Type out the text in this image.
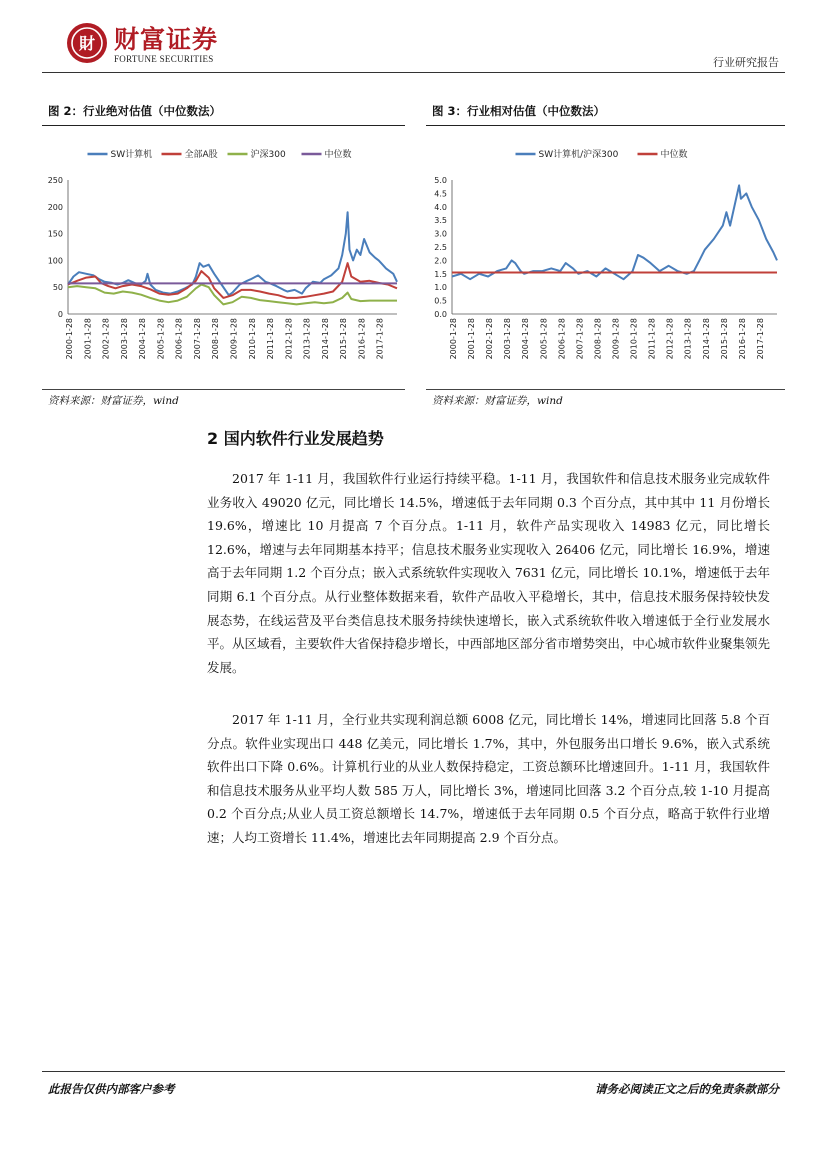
財 财富证券
FORTUNE SECURITIES	行业研究报告
图 2：行业绝对估值（中位数法）
SW计算机	全部A股	沪深300	中位数
0
50
100
150
200
250
2000-1-28 2001-1-28 2002-1-28 2003-1-28 2004-1-28 2005-1-28 2006-1-28 2007-1-28 2008-1-28 2009-1-28 2010-1-28 2011-1-28 2012-1-28 2013-1-28 2014-1-28 2015-1-28 2016-1-28 2017-1-28
资料来源：财富证券，wind
图 3：行业相对估值（中位数法）
SW计算机/沪深300	中位数
0.0
0.5
1.0
1.5
2.0
2.5
3.0
3.5
4.0
4.5
5.0
2000-1-28 2001-1-28 2002-1-28 2003-1-28 2004-1-28 2005-1-28 2006-1-28 2007-1-28 2008-1-28 2009-1-28 2010-1-28 2011-1-28 2012-1-28 2013-1-28 2014-1-28 2015-1-28 2016-1-28 2017-1-28
资料来源：财富证券，wind
2 国内软件行业发展趋势
2017 年 1-11 月，我国软件行业运行持续平稳。1-11 月，我国软件和信息技术服务业完成软件业务收入 49020 亿元，同比增长 14.5%，增速低于去年同期 0.3 个百分点，其中其中 11 月份增长 19.6%，增速比 10 月提高 7 个百分点。1-11 月，软件产品实现收入 14983 亿元，同比增长 12.6%，增速与去年同期基本持平；信息技术服务业实现收入 26406 亿元，同比增长 16.9%，增速高于去年同期 1.2 个百分点；嵌入式系统软件实现收入 7631 亿元，同比增长 10.1%，增速低于去年同期 6.1 个百分点。从行业整体数据来看，软件产品收入平稳增长，其中，信息技术服务保持较快发展态势，在线运营及平台类信息技术服务持续快速增长，嵌入式系统软件收入增速低于全行业发展水平。从区域看，主要软件大省保持稳步增长，中西部地区部分省市增势突出，中心城市软件业聚集领先发展。
2017 年 1-11 月，全行业共实现利润总额 6008 亿元，同比增长 14%，增速同比回落 5.8 个百分点。软件业实现出口 448 亿美元，同比增长 1.7%，其中，外包服务出口增长 9.6%，嵌入式系统软件出口下降 0.6%。计算机行业的从业人数保持稳定，工资总额环比增速回升。1-11 月，我国软件和信息技术服务从业平均人数 585 万人，同比增长 3%，增速同比回落 3.2 个百分点,较 1-10 月提高 0.2 个百分点;从业人员工资总额增长 14.7%，增速低于去年同期 0.5 个百分点，略高于软件行业增速；人均工资增长 11.4%，增速比去年同期提高 2.9 个百分点。
此报告仅供内部客户参考	请务必阅读正文之后的免责条款部分
